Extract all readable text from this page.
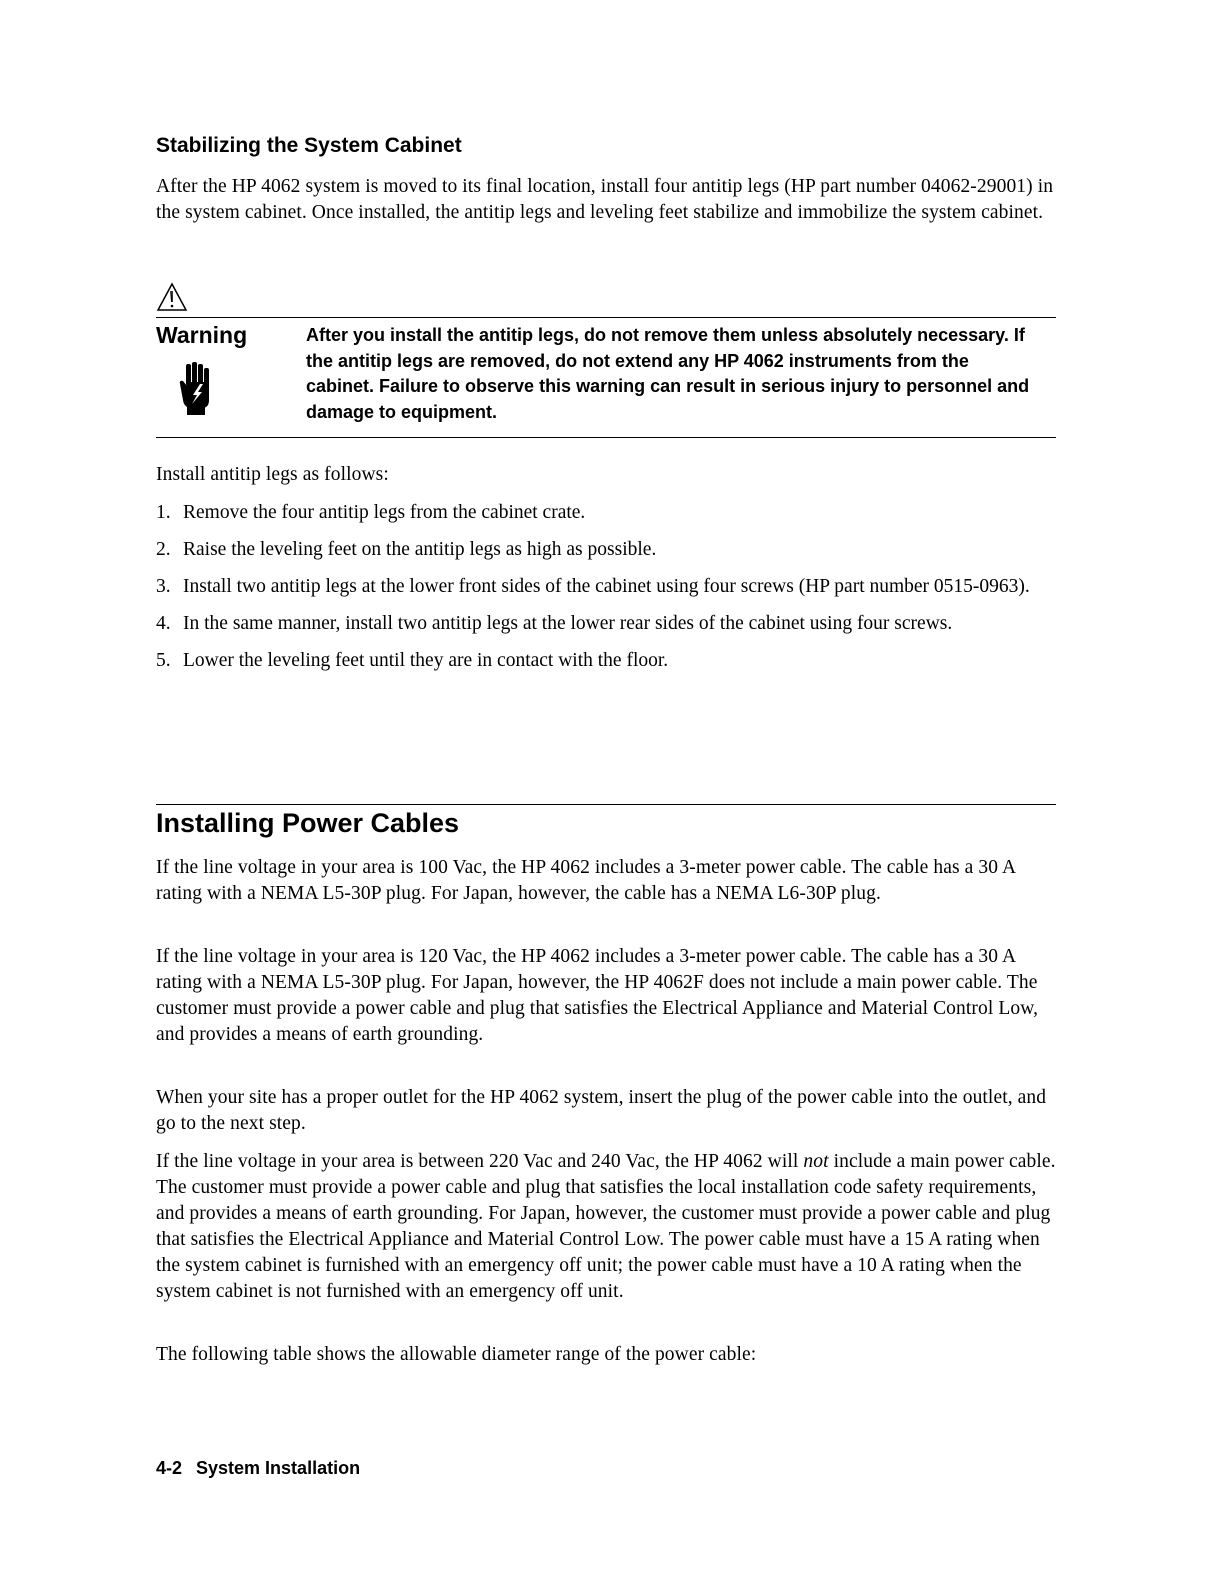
Stabilizing the System Cabinet

After the HP 4062 system is moved to its final location, install four antitip legs (HP part number 04062-29001) in the system cabinet. Once installed, the antitip legs and leveling feet stabilize and immobilize the system cabinet.

Warning	After you install the antitip legs, do not remove them unless absolutely necessary. If the antitip legs are removed, do not extend any HP 4062 instruments from the cabinet. Failure to observe this warning can result in serious injury to personnel and damage to equipment.

Install antitip legs as follows:

1. Remove the four antitip legs from the cabinet crate.
2. Raise the leveling feet on the antitip legs as high as possible.
3. Install two antitip legs at the lower front sides of the cabinet using four screws (HP part number 0515-0963).
4. In the same manner, install two antitip legs at the lower rear sides of the cabinet using four screws.
5. Lower the leveling feet until they are in contact with the floor.
Installing Power Cables

If the line voltage in your area is 100 Vac, the HP 4062 includes a 3-meter power cable. The cable has a 30 A rating with a NEMA L5-30P plug. For Japan, however, the cable has a NEMA L6-30P plug.

If the line voltage in your area is 120 Vac, the HP 4062 includes a 3-meter power cable. The cable has a 30 A rating with a NEMA L5-30P plug. For Japan, however, the HP 4062F does not include a main power cable. The customer must provide a power cable and plug that satisfies the Electrical Appliance and Material Control Low, and provides a means of earth grounding.

When your site has a proper outlet for the HP 4062 system, insert the plug of the power cable into the outlet, and go to the next step.

If the line voltage in your area is between 220 Vac and 240 Vac, the HP 4062 will not include a main power cable. The customer must provide a power cable and plug that satisfies the local installation code safety requirements, and provides a means of earth grounding. For Japan, however, the customer must provide a power cable and plug that satisfies the Electrical Appliance and Material Control Low. The power cable must have a 15 A rating when the system cabinet is furnished with an emergency off unit; the power cable must have a 10 A rating when the system cabinet is not furnished with an emergency off unit.

The following table shows the allowable diameter range of the power cable:

4-2 System Installation
